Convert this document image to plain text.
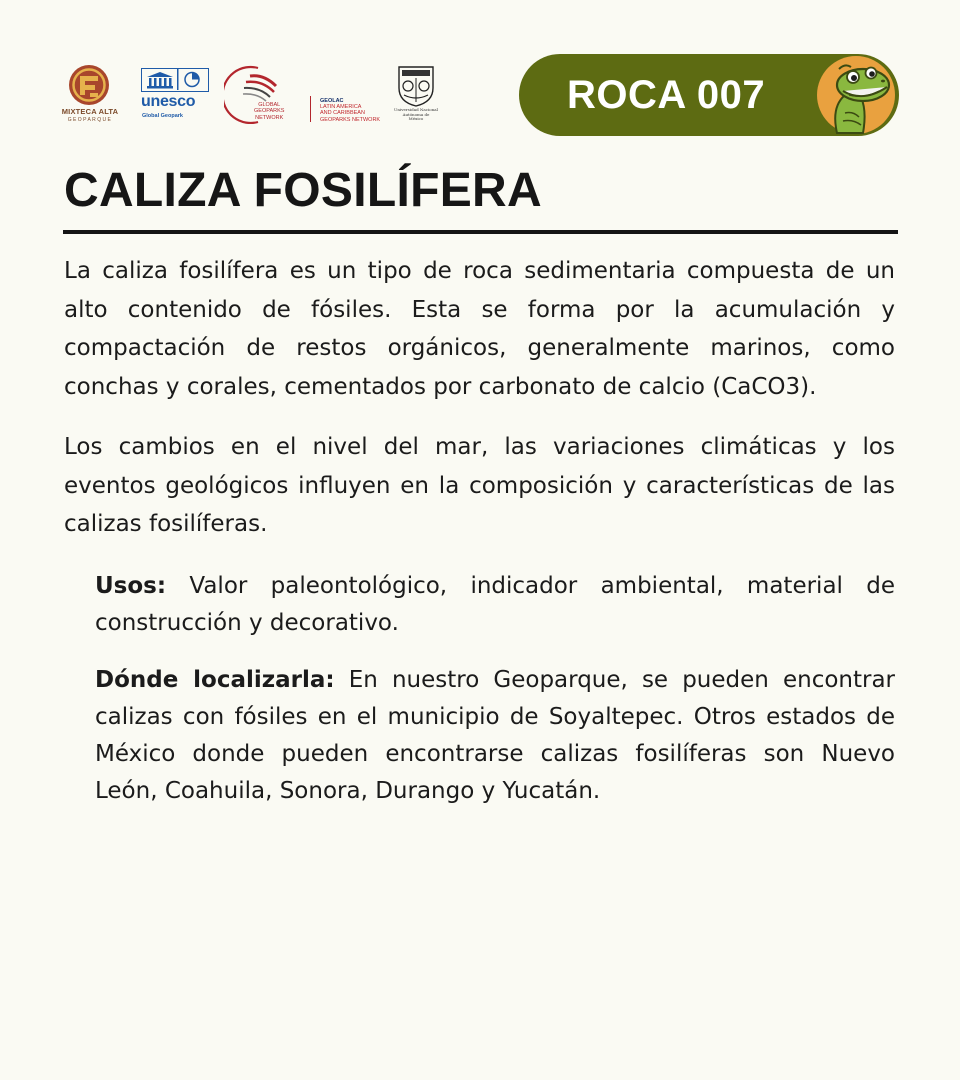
MIXTECA ALTA
GEOPARQUE
unesco
Global Geopark
GLOBAL
GEOPARKS
NETWORK
GEOLAC
LATIN AMERICA
AND CARIBBEAN
GEOPARKS NETWORK
Universidad Nacional
Autónoma de
México
ROCA 007
CALIZA FOSILÍFERA

La caliza fosilífera es un tipo de roca sedimentaria compuesta de un alto contenido de fósiles. Esta se forma por la acumulación y compactación de restos orgánicos, generalmente marinos, como conchas y corales, cementados por carbonato de calcio (CaCO3).

Los cambios en el nivel del mar, las variaciones climáticas y los eventos geológicos influyen en la composición y características de las calizas fosilíferas.

Usos: Valor paleontológico, indicador ambiental, material de construcción y decorativo.

Dónde localizarla: En nuestro Geoparque, se pueden encontrar calizas con fósiles en el municipio de Soyaltepec. Otros estados de México donde pueden encontrarse calizas fosilíferas son Nuevo León, Coahuila, Sonora, Durango y Yucatán.
